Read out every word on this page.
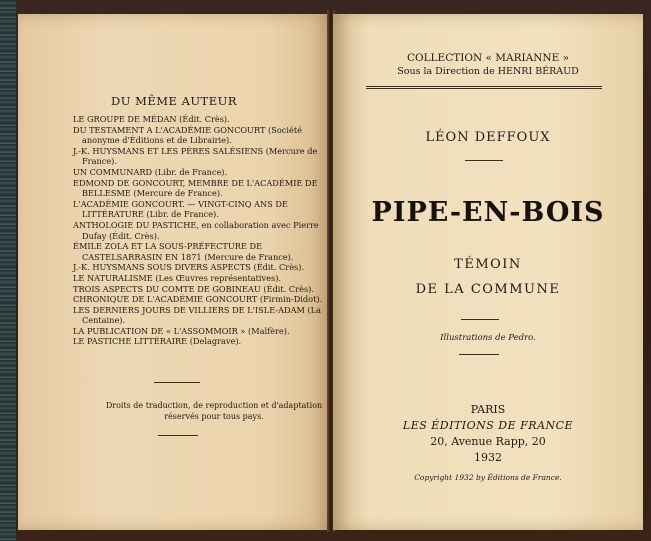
DU MÊME AUTEUR
LE GROUPE DE MÉDAN (Édit. Crès).
DU TESTAMENT A L'ACADÉMIE GONCOURT (Société anonyme d'Éditions et de Librairie).
J.-K. HUYSMANS ET LES PÈRES SALÉSIENS (Mercure de France).
UN COMMUNARD (Libr. de France).
EDMOND DE GONCOURT, MEMBRE DE L'ACADÉMIE DE BELLESME (Mercure de France).
L'ACADÉMIE GONCOURT. — VINGT-CINQ ANS DE LITTÉRATURE (Libr. de France).
ANTHOLOGIE DU PASTICHE, en collaboration avec Pierre Dufay (Édit. Crès).
ÉMILE ZOLA ET LA SOUS-PRÉFECTURE DE CASTELSARRASIN EN 1871 (Mercure de France).
J.-K. HUYSMANS SOUS DIVERS ASPECTS (Édit. Crès).
LE NATURALISME (Les Œuvres représentatives).
TROIS ASPECTS DU COMTE DE GOBINEAU (Édit. Crès).
CHRONIQUE DE L'ACADÉMIE GONCOURT (Firmin-Didot).
LES DERNIERS JOURS DE VILLIERS DE L'ISLE-ADAM (La Centaine).
LA PUBLICATION DE « L'ASSOMMOIR » (Malfère).
LE PASTICHE LITTÉRAIRE (Delagrave).
Droits de traduction, de reproduction et d'adaptation
réservés pour tous pays.
COLLECTION « MARIANNE »
Sous la Direction de HENRI BÉRAUD
LÉON DEFFOUX
PIPE-EN-BOIS
TÉMOIN
DE LA COMMUNE
Illustrations de Pedro.
PARIS
LES ÉDITIONS DE FRANCE
20, Avenue Rapp, 20
1932
Copyright 1932 by Éditions de France.
